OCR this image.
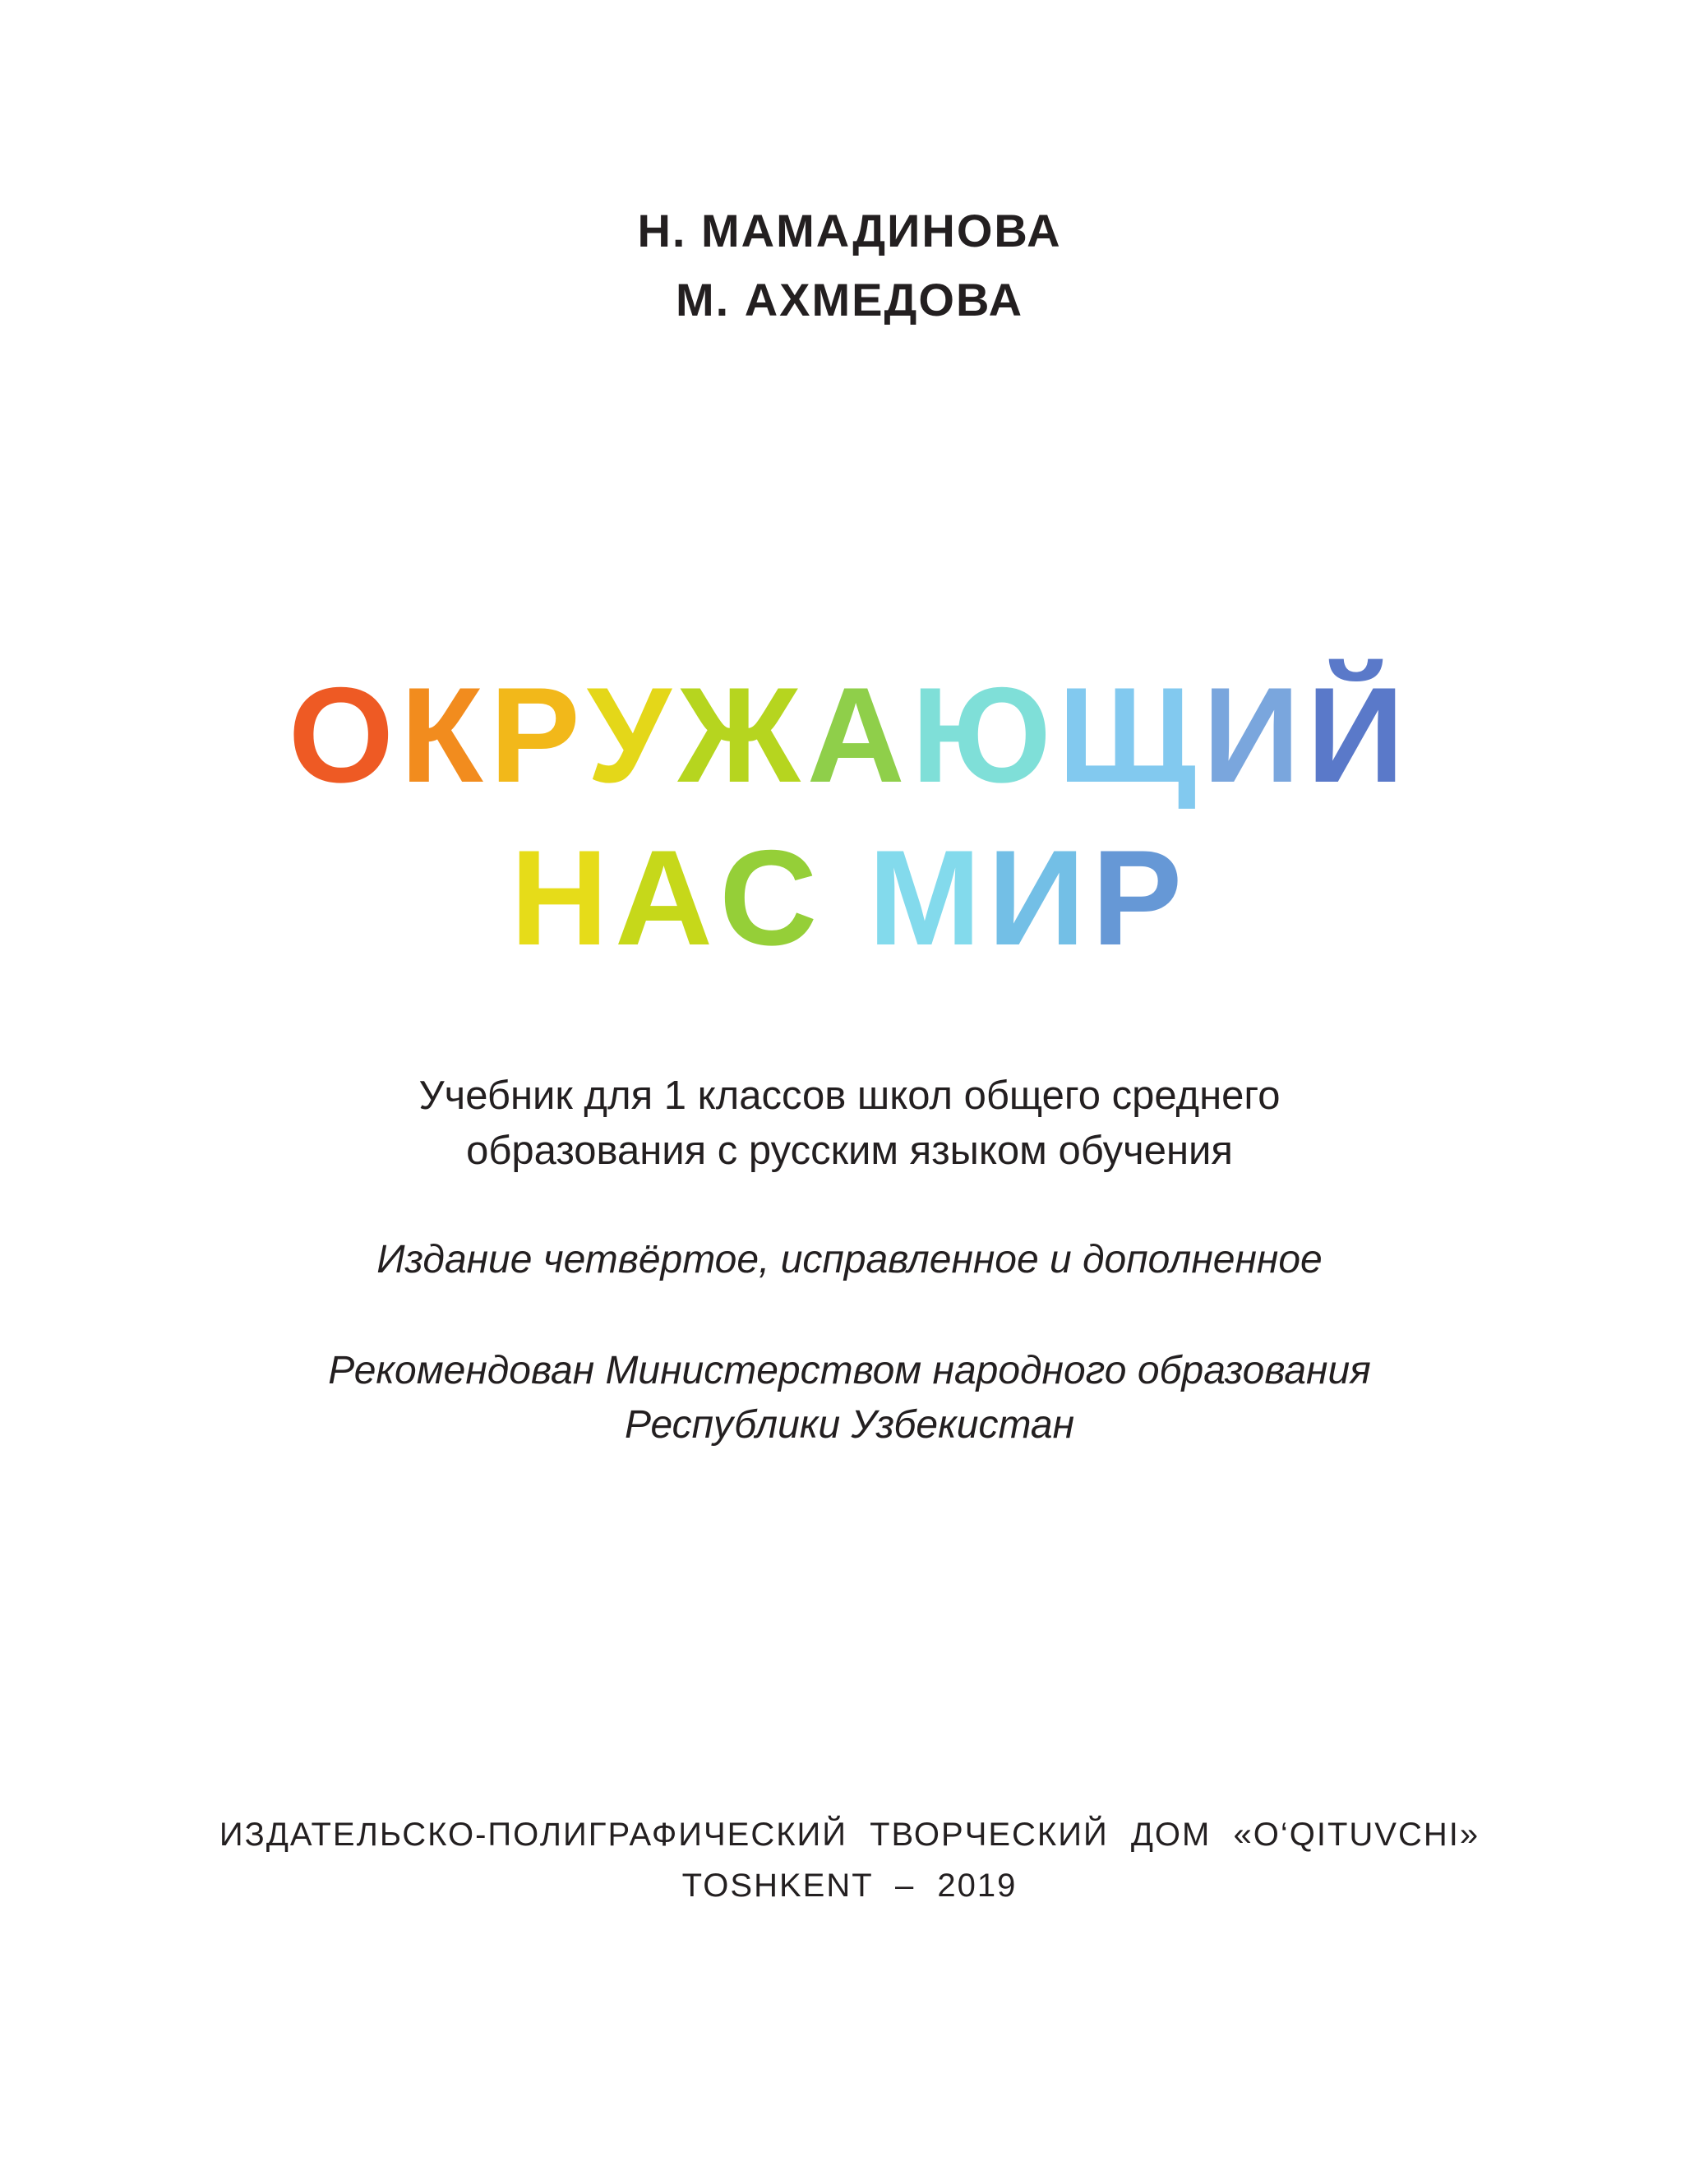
Н. МАМАДИНОВА
М. АХМЕДОВА
ОКРУЖАЮЩИЙ
НАС МИР
Учебник для 1 классов школ общего среднего
образования с русским языком обучения
Издание четвёртое, исправленное и дополненное
Рекомендован Министерством народного образования
Республики Узбекистан
ИЗДАТЕЛЬСКО-ПОЛИГРАФИЧЕСКИЙ ТВОРЧЕСКИЙ ДОМ «O‘QITUVCHI»
TOSHKENT – 2019
